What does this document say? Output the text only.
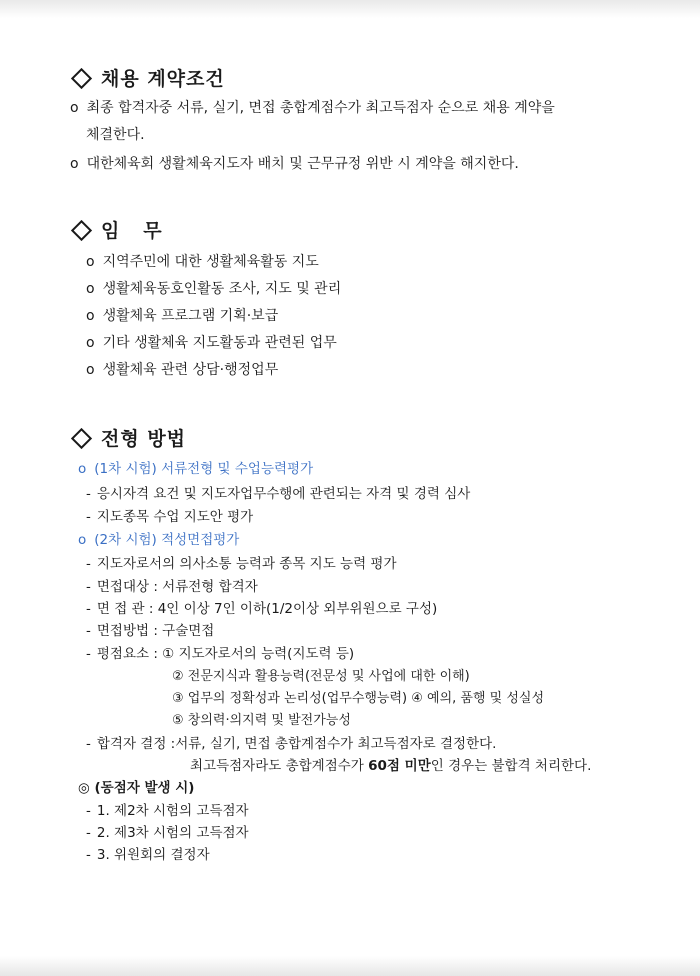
채용 계약조건
o 최종 합격자중 서류, 실기, 면접 총합계점수가 최고득점자 순으로 채용 계약을
체결한다.
o 대한체육회 생활체육지도자 배치 및 근무규정 위반 시 계약을 해지한다.
임   무
o 지역주민에 대한 생활체육활동 지도
o 생활체육동호인활동 조사, 지도 및 관리
o 생활체육 프로그램 기획·보급
o 기타 생활체육 지도활동과 관련된 업무
o 생활체육 관련 상담·행정업무
전형 방법
o (1차 시험) 서류전형 및 수업능력평가
- 응시자격 요건 및 지도자업무수행에 관련되는 자격 및 경력 심사
- 지도종목 수업 지도안 평가
o (2차 시험) 적성면접평가
- 지도자로서의 의사소통 능력과 종목 지도 능력 평가
- 면접대상 : 서류전형 합격자
- 면 접 관 : 4인 이상 7인 이하(1/2이상 외부위원으로 구성)
- 면접방법 : 구술면접
- 평점요소 : ① 지도자로서의 능력(지도력 등)
② 전문지식과 활용능력(전문성 및 사업에 대한 이해)
③ 업무의 정확성과 논리성(업무수행능력) ④ 예의, 품행 및 성실성
⑤ 창의력·의지력 및 발전가능성
- 합격자 결정 :서류, 실기, 면접 총합계점수가 최고득점자로 결정한다.
최고득점자라도 총합계점수가 60점 미만인 경우는 불합격 처리한다.
◎ (동점자 발생 시)
- 1. 제2차 시험의 고득점자
- 2. 제3차 시험의 고득점자
- 3. 위원회의 결정자
